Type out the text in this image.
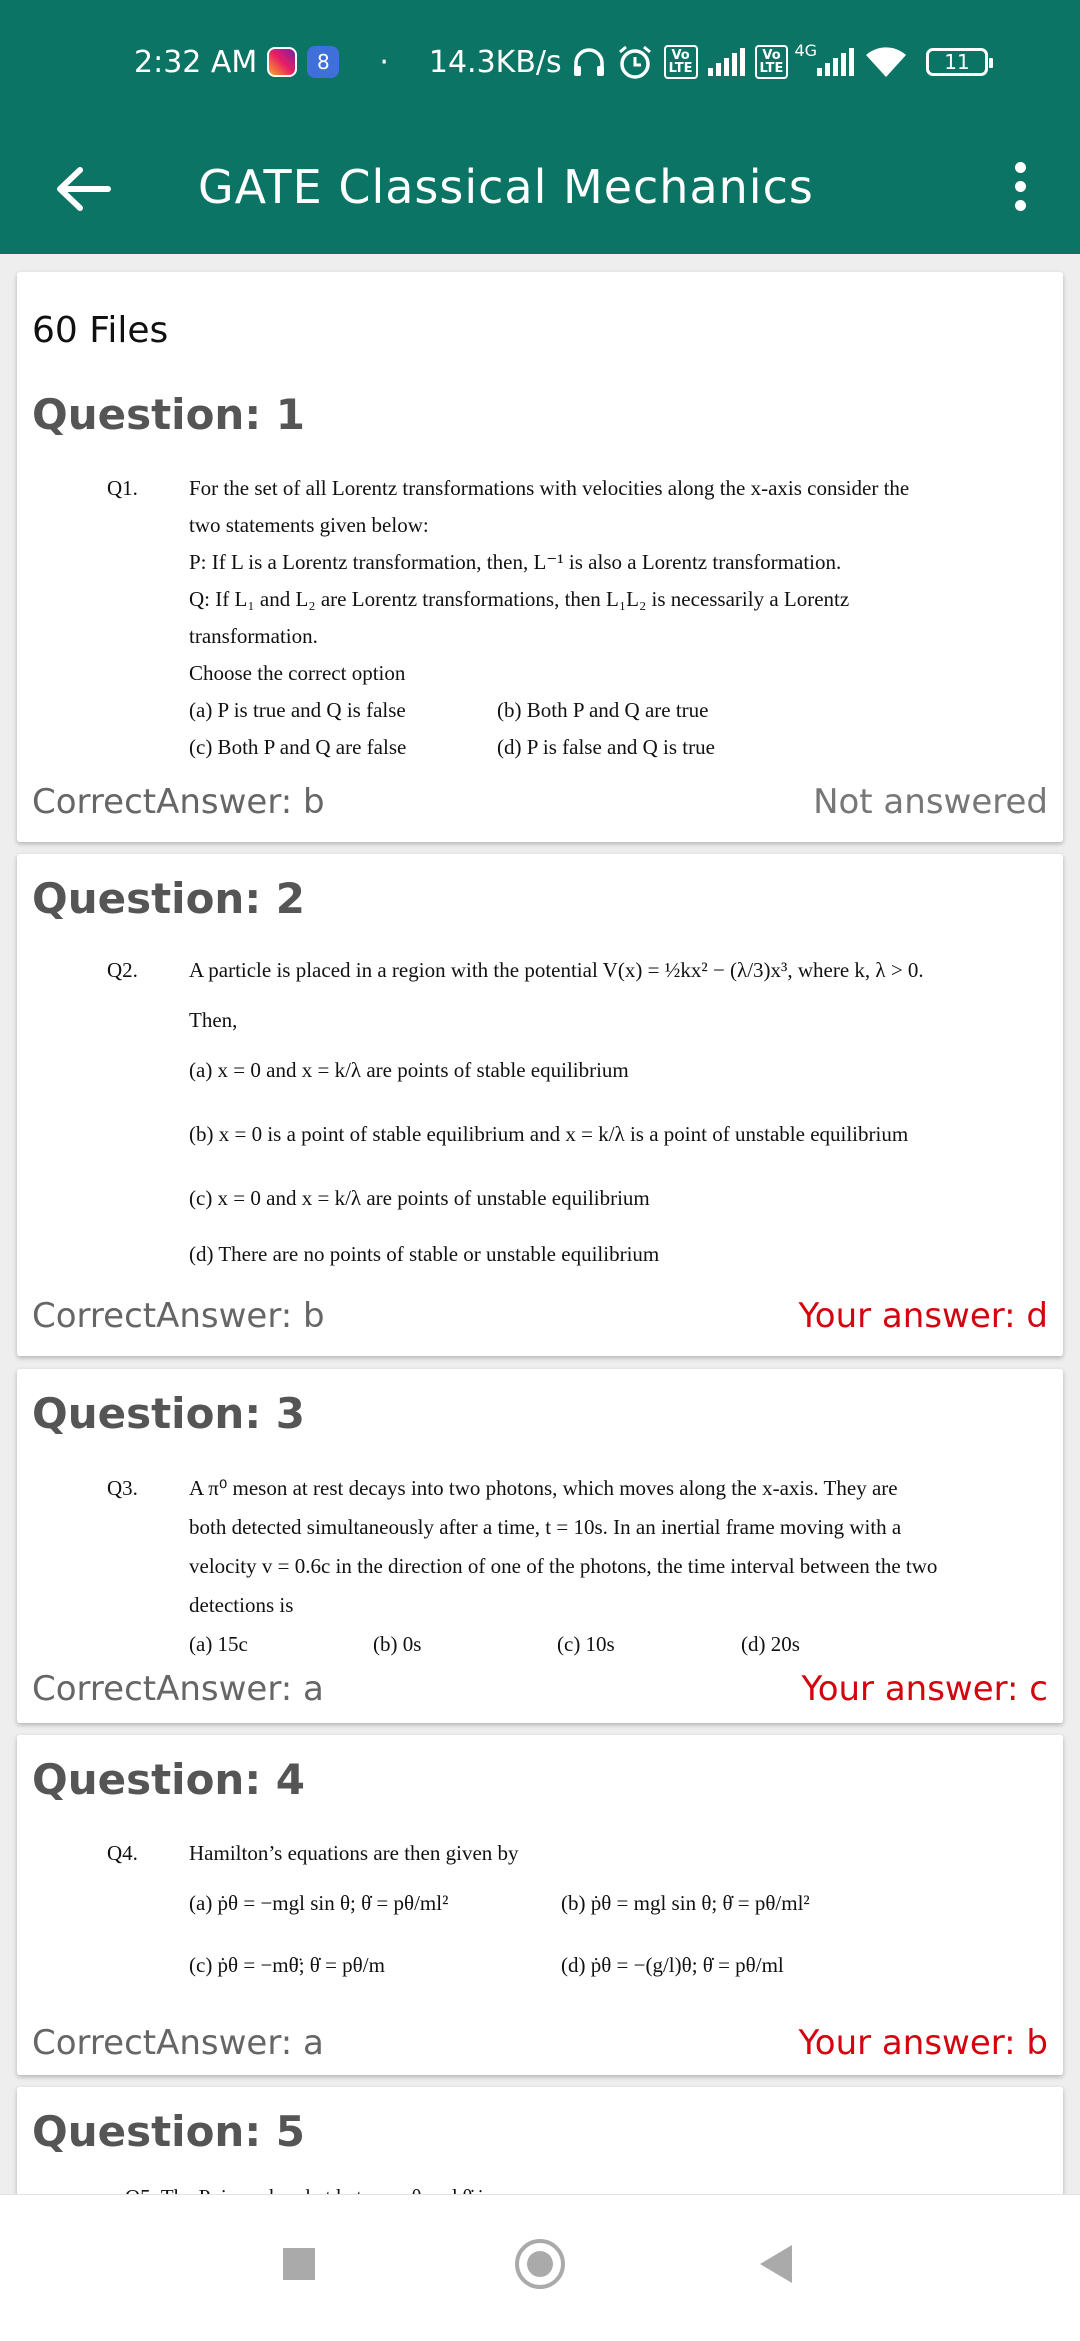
2:32 AM	8	· 14.3KB/s	Vo
LTE
Vo
LTE
4G	11
GATE Classical Mechanics
60 Files
Question: 1
Q1. For the set of all Lorentz transformations with velocities along the x-axis consider the
two statements given below:
P: If L is a Lorentz transformation, then, L⁻¹ is also a Lorentz transformation.
Q: If L₁ and L₂ are Lorentz transformations, then L₁L₂ is necessarily a Lorentz
transformation.
Choose the correct option
(a) P is true and Q is false	(b) Both P and Q are true
(c) Both P and Q are false	(d) P is false and Q is true
CorrectAnswer: b	Not answered
Question: 2
Q2. A particle is placed in a region with the potential V(x) = ½kx² − (λ/3)x³, where k, λ > 0.
Then,
(a) x = 0 and x = k/λ are points of stable equilibrium
(b) x = 0 is a point of stable equilibrium and x = k/λ is a point of unstable equilibrium
(c) x = 0 and x = k/λ are points of unstable equilibrium
(d) There are no points of stable or unstable equilibrium
CorrectAnswer: b	Your answer: d
Question: 3
Q3. A π⁰ meson at rest decays into two photons, which moves along the x-axis. They are
both detected simultaneously after a time, t = 10s. In an inertial frame moving with a
velocity v = 0.6c in the direction of one of the photons, the time interval between the two
detections is
(a) 15c	(b) 0s	(c) 10s	(d) 20s
CorrectAnswer: a	Your answer: c
Question: 4
Q4. Hamilton’s equations are then given by
(a) ṗθ = −mgl sin θ; θ̇ = pθ/ml²	(b) ṗθ = mgl sin θ; θ̇ = pθ/ml²
(c) ṗθ = −mθ̈; θ̇ = pθ/m	(d) ṗθ = −(g/l)θ; θ̇ = pθ/ml
CorrectAnswer: a	Your answer: b
Question: 5
